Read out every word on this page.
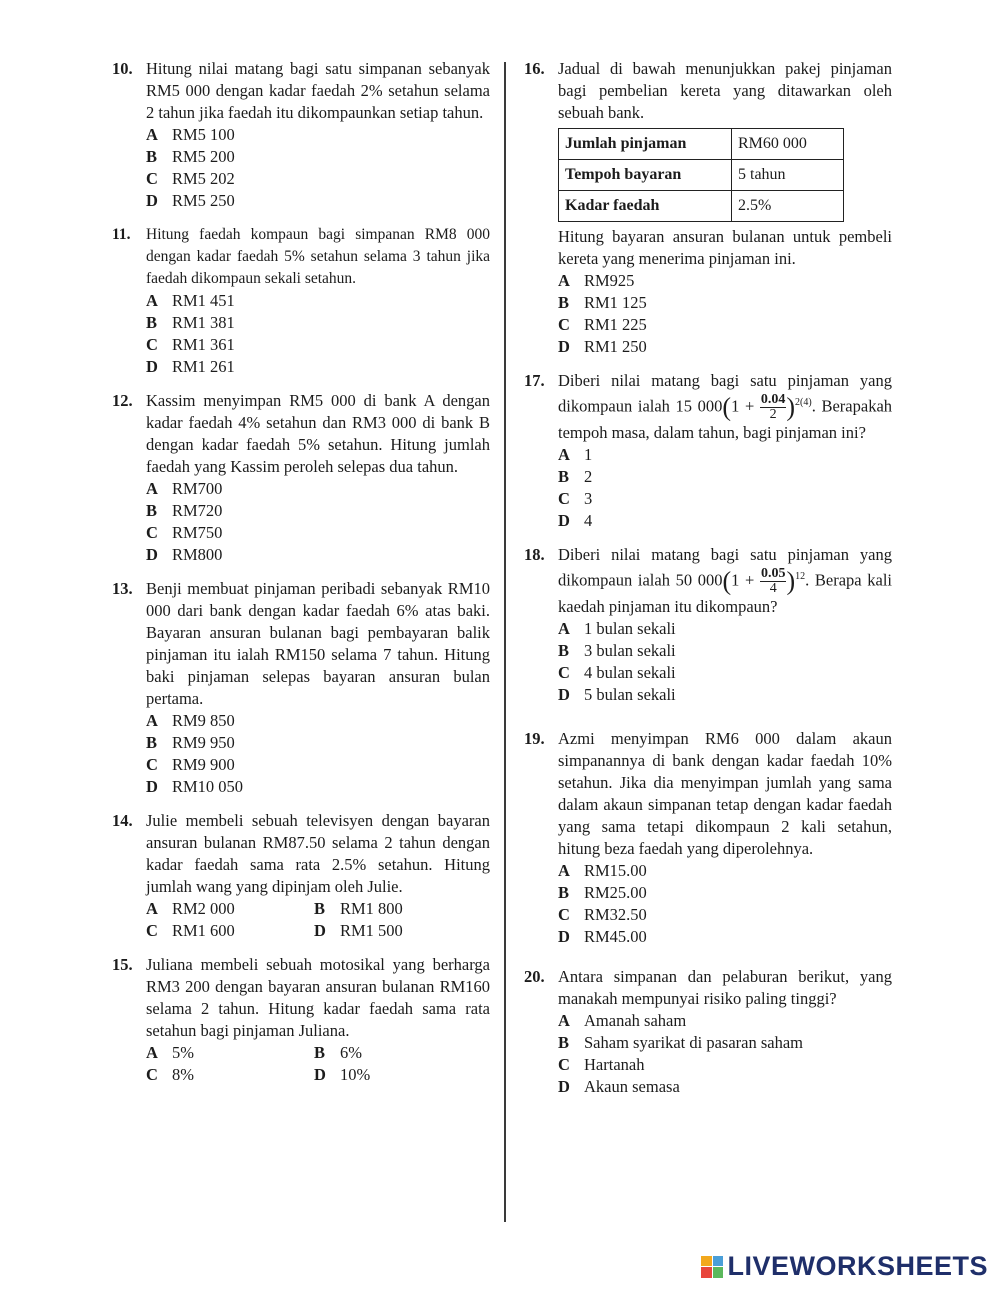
10. Hitung nilai matang bagi satu simpanan sebanyak RM5 000 dengan kadar faedah 2% setahun selama 2 tahun jika faedah itu dikompaunkan setiap tahun.
A RM5 100
B RM5 200
C RM5 202
D RM5 250
11. Hitung faedah kompaun bagi simpanan RM8 000 dengan kadar faedah 5% setahun selama 3 tahun jika faedah dikompaun sekali setahun.
A RM1 451
B RM1 381
C RM1 361
D RM1 261
12. Kassim menyimpan RM5 000 di bank A dengan kadar faedah 4% setahun dan RM3 000 di bank B dengan kadar faedah 5% setahun. Hitung jumlah faedah yang Kassim peroleh selepas dua tahun.
A RM700
B RM720
C RM750
D RM800
13. Benji membuat pinjaman peribadi sebanyak RM10 000 dari bank dengan kadar faedah 6% atas baki. Bayaran ansuran bulanan bagi pembayaran balik pinjaman itu ialah RM150 selama 7 tahun. Hitung baki pinjaman selepas bayaran ansuran bulan pertama.
A RM9 850
B RM9 950
C RM9 900
D RM10 050
14. Julie membeli sebuah televisyen dengan bayaran ansuran bulanan RM87.50 selama 2 tahun dengan kadar faedah sama rata 2.5% setahun. Hitung jumlah wang yang dipinjam oleh Julie.
A RM2 000	B RM1 800
C RM1 600	D RM1 500
15. Juliana membeli sebuah motosikal yang berharga RM3 200 dengan bayaran ansuran bulanan RM160 selama 2 tahun. Hitung kadar faedah sama rata setahun bagi pinjaman Juliana.
A 5%	B 6%
C 8%	D 10%
16. Jadual di bawah menunjukkan pakej pinjaman bagi pembelian kereta yang ditawarkan oleh sebuah bank.
Jumlah pinjaman	RM60 000
Tempoh bayaran	5 tahun
Kadar faedah	2.5%
Hitung bayaran ansuran bulanan untuk pembeli kereta yang menerima pinjaman ini.
A RM925
B RM1 125
C RM1 225
D RM1 250
17. Diberi nilai matang bagi satu pinjaman yang dikompaun ialah 15 $000(1 + \frac{0.04}{2} )^{2(4)}$. Berapakah tempoh masa, dalam tahun, bagi pinjaman ini?
A 1
B 2
C 3
D 4
18. Diberi nilai matang bagi satu pinjaman yang dikompaun ialah 50 $000(1 + \frac{0.05}{4} )^{12}$. Berapa kali kaedah pinjaman itu dikompaun?
A 1 bulan sekali
B 3 bulan sekali
C 4 bulan sekali
D 5 bulan sekali
19. Azmi menyimpan RM6 000 dalam akaun simpanannya di bank dengan kadar faedah 10% setahun. Jika dia menyimpan jumlah yang sama dalam akaun simpanan tetap dengan kadar faedah yang sama tetapi dikompaun 2 kali setahun, hitung beza faedah yang diperolehnya.
A RM15.00
B RM25.00
C RM32.50
D RM45.00
20. Antara simpanan dan pelaburan berikut, yang manakah mempunyai risiko paling tinggi?
A Amanah saham
B Saham syarikat di pasaran saham
C Hartanah
D Akaun semasa
LIVEWORKSHEETS
